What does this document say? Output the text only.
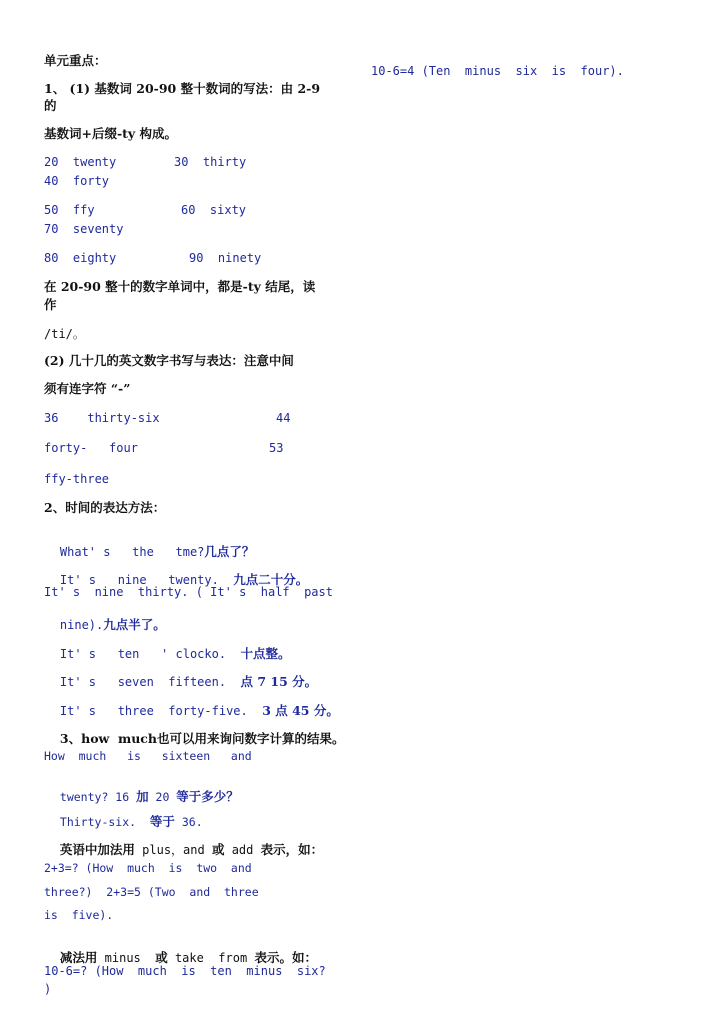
单元重点：
10-6=4 (Ten  minus  six  is  four).
1、 (1) 基数词 20-90 整十数词的写法：由 2-9
的
基数词+后缀-ty 构成。
20  twenty	30  thirty
40  forty
50  ffy	60  sixty
70  seventy
80  eighty	90  ninety
在 20-90 整十的数字单词中，都是-ty 结尾，读
作
/ti/。
(2) 几十几的英文数字书写与表达：注意中间
须有连字符 “-”
36    thirty-six	44
forty-   four	53
ffy-three
2、时间的表达方法：

What' s   the   tme?几点了？

It' s   nine   twenty.  九点二十分。

It' s  nine  thirty. ( It' s  half  past

nine).九点半了。

It' s   ten   ' clocko.  十点整。

It' s   seven  fifteen.  点 7 15 分。

It' s   three  forty-five.  3 点 45 分。

3、how  much也可以用来询问数字计算的结果。

How  much   is   sixteen   and

twenty? 16 加 20 等于多少？

Thirty-six.  等于 36.

英语中加法用 plus，and 或 add 表示，如：

2+3=? (How  much  is  two  and
three?)  2+3=5 (Two  and  three
is  five).

减法用 minus  或 take  from 表示。如：

10-6=? (How  much  is  ten  minus  six?
)
